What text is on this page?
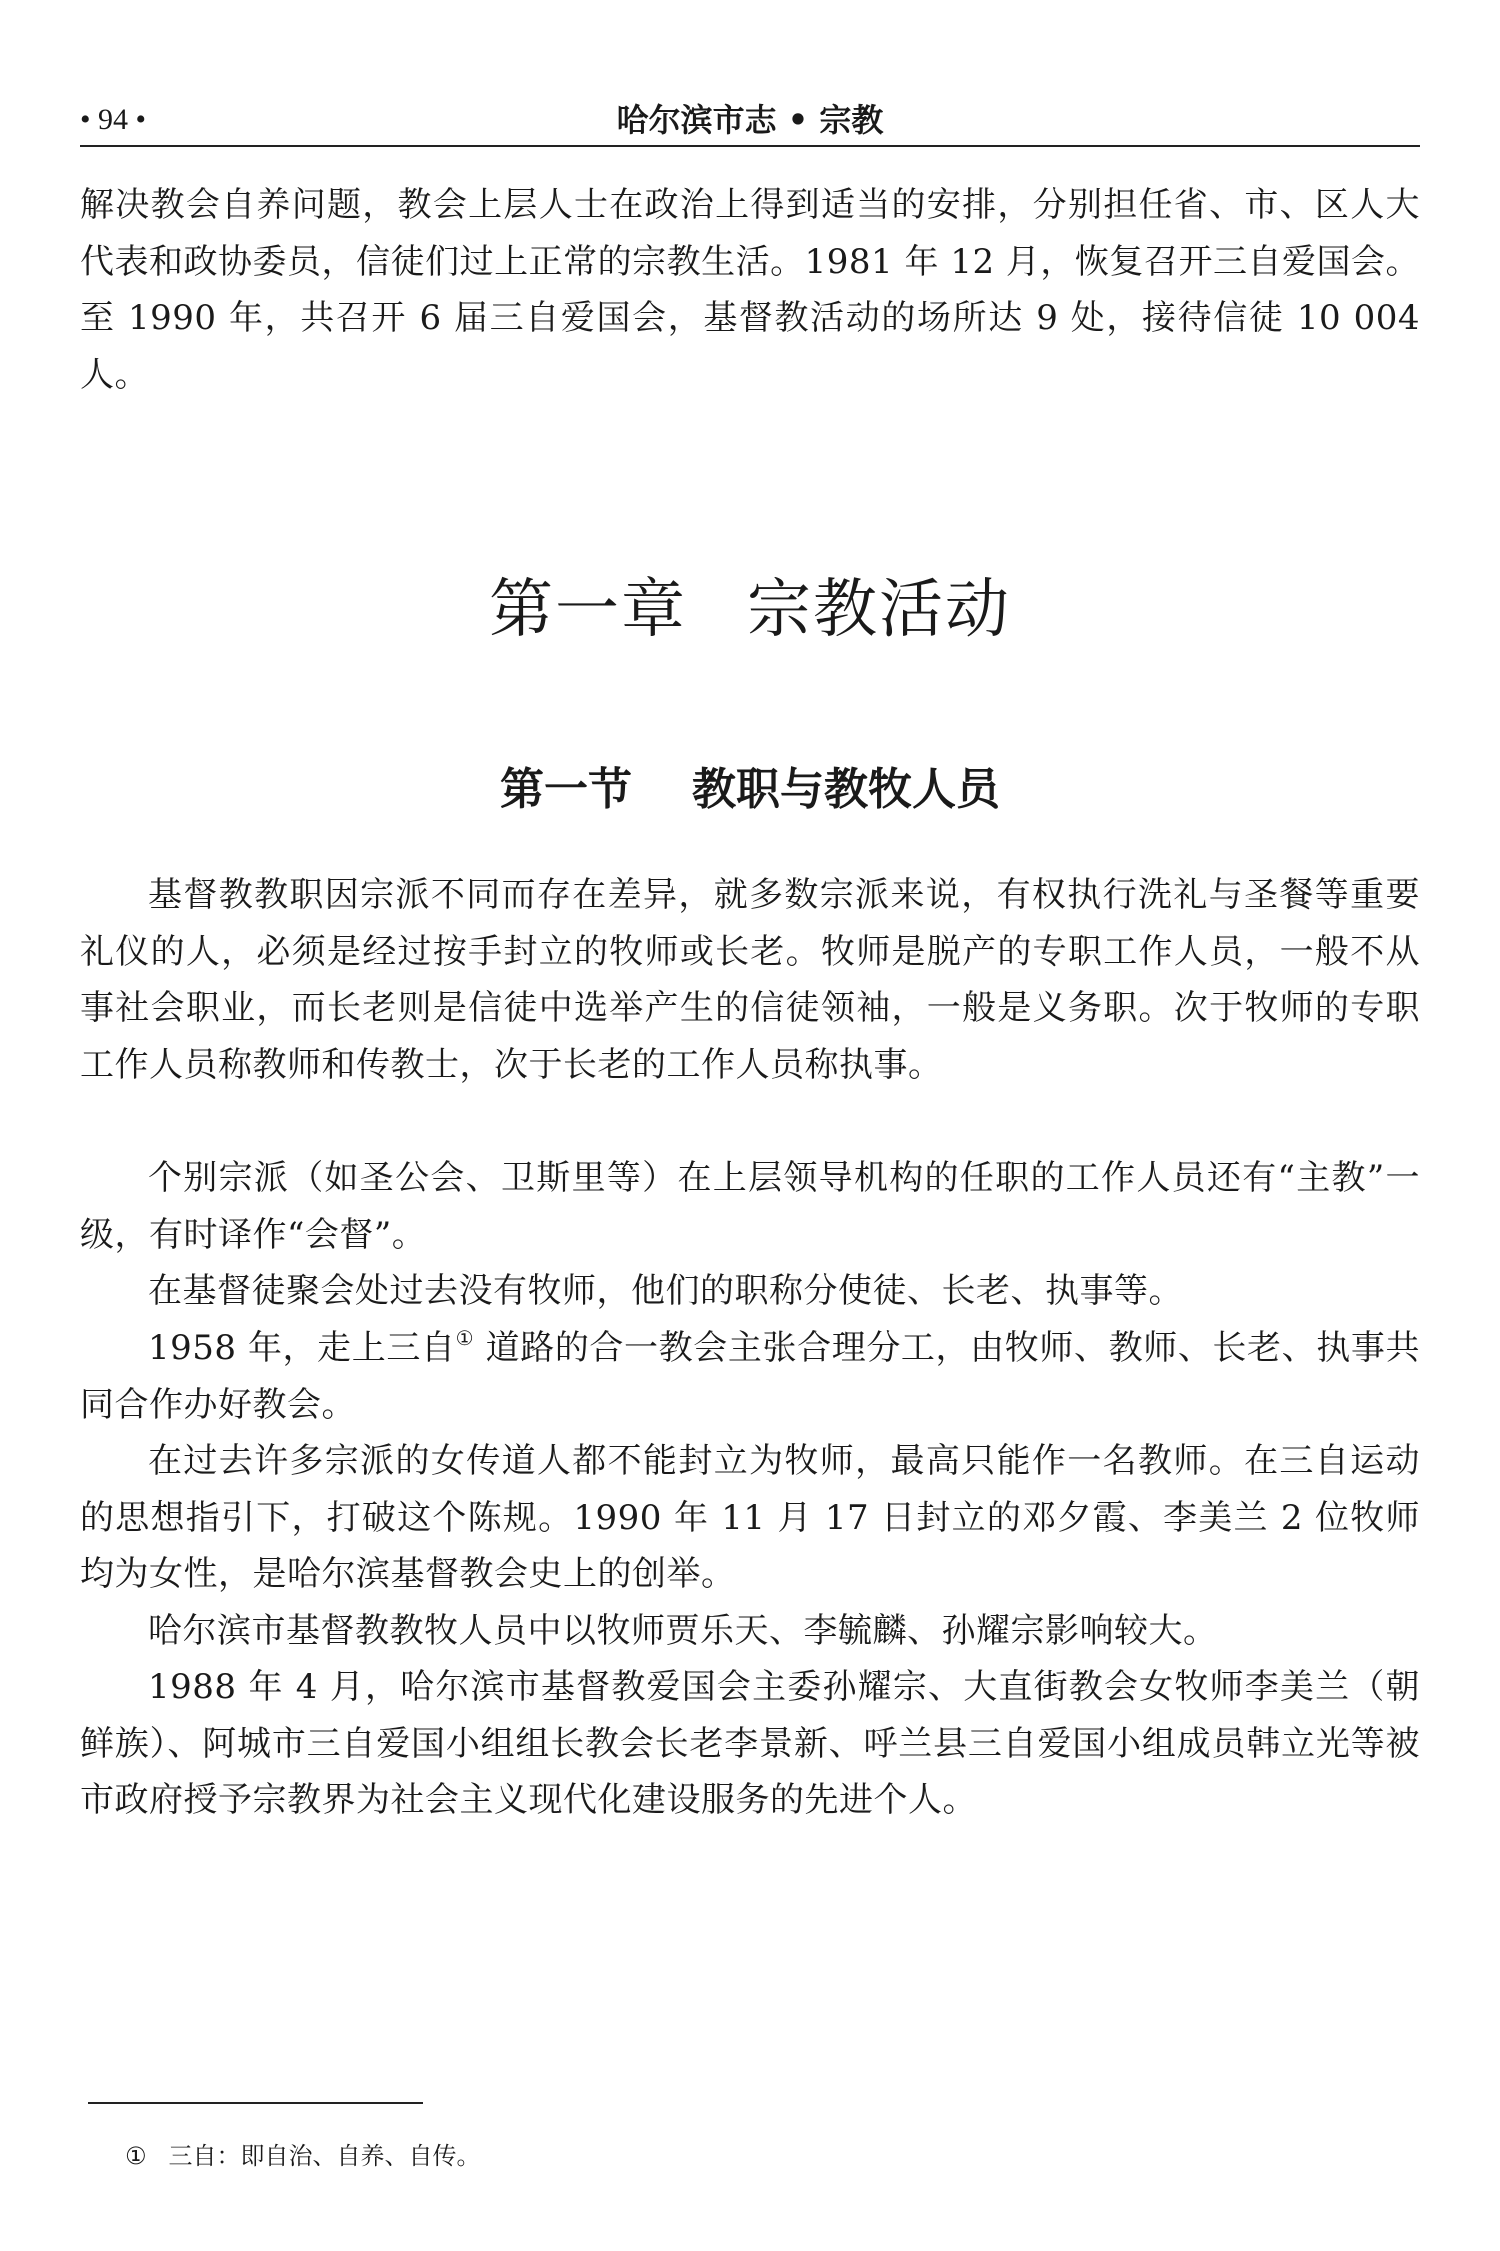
• 94 •	哈尔滨市志 • 宗教

解决教会自养问题，教会上层人士在政治上得到适当的安排，分别担任省、市、区人大代表和政协委员，信徒们过上正常的宗教生活。1981 年 12 月，恢复召开三自爱国会。至 1990 年，共召开 6 届三自爱国会，基督教活动的场所达 9 处，接待信徒 10 004 人。

第一章 宗教活动
第一节 教职与教牧人员

基督教教职因宗派不同而存在差异，就多数宗派来说，有权执行洗礼与圣餐等重要礼仪的人，必须是经过按手封立的牧师或长老。牧师是脱产的专职工作人员，一般不从事社会职业，而长老则是信徒中选举产生的信徒领袖，一般是义务职。次于牧师的专职工作人员称教师和传教士，次于长老的工作人员称执事。

个别宗派（如圣公会、卫斯里等）在上层领导机构的任职的工作人员还有“主教”一级，有时译作“会督”。

在基督徒聚会处过去没有牧师，他们的职称分使徒、长老、执事等。

1958 年，走上三自① 道路的合一教会主张合理分工，由牧师、教师、长老、执事共同合作办好教会。

在过去许多宗派的女传道人都不能封立为牧师，最高只能作一名教师。在三自运动的思想指引下，打破这个陈规。1990 年 11 月 17 日封立的邓夕霞、李美兰 2 位牧师均为女性，是哈尔滨基督教会史上的创举。

哈尔滨市基督教教牧人员中以牧师贾乐天、李毓麟、孙耀宗影响较大。

1988 年 4 月，哈尔滨市基督教爱国会主委孙耀宗、大直街教会女牧师李美兰（朝鲜族）、阿城市三自爱国小组组长教会长老李景新、呼兰县三自爱国小组成员韩立光等被市政府授予宗教界为社会主义现代化建设服务的先进个人。

① 三自：即自治、自养、自传。
